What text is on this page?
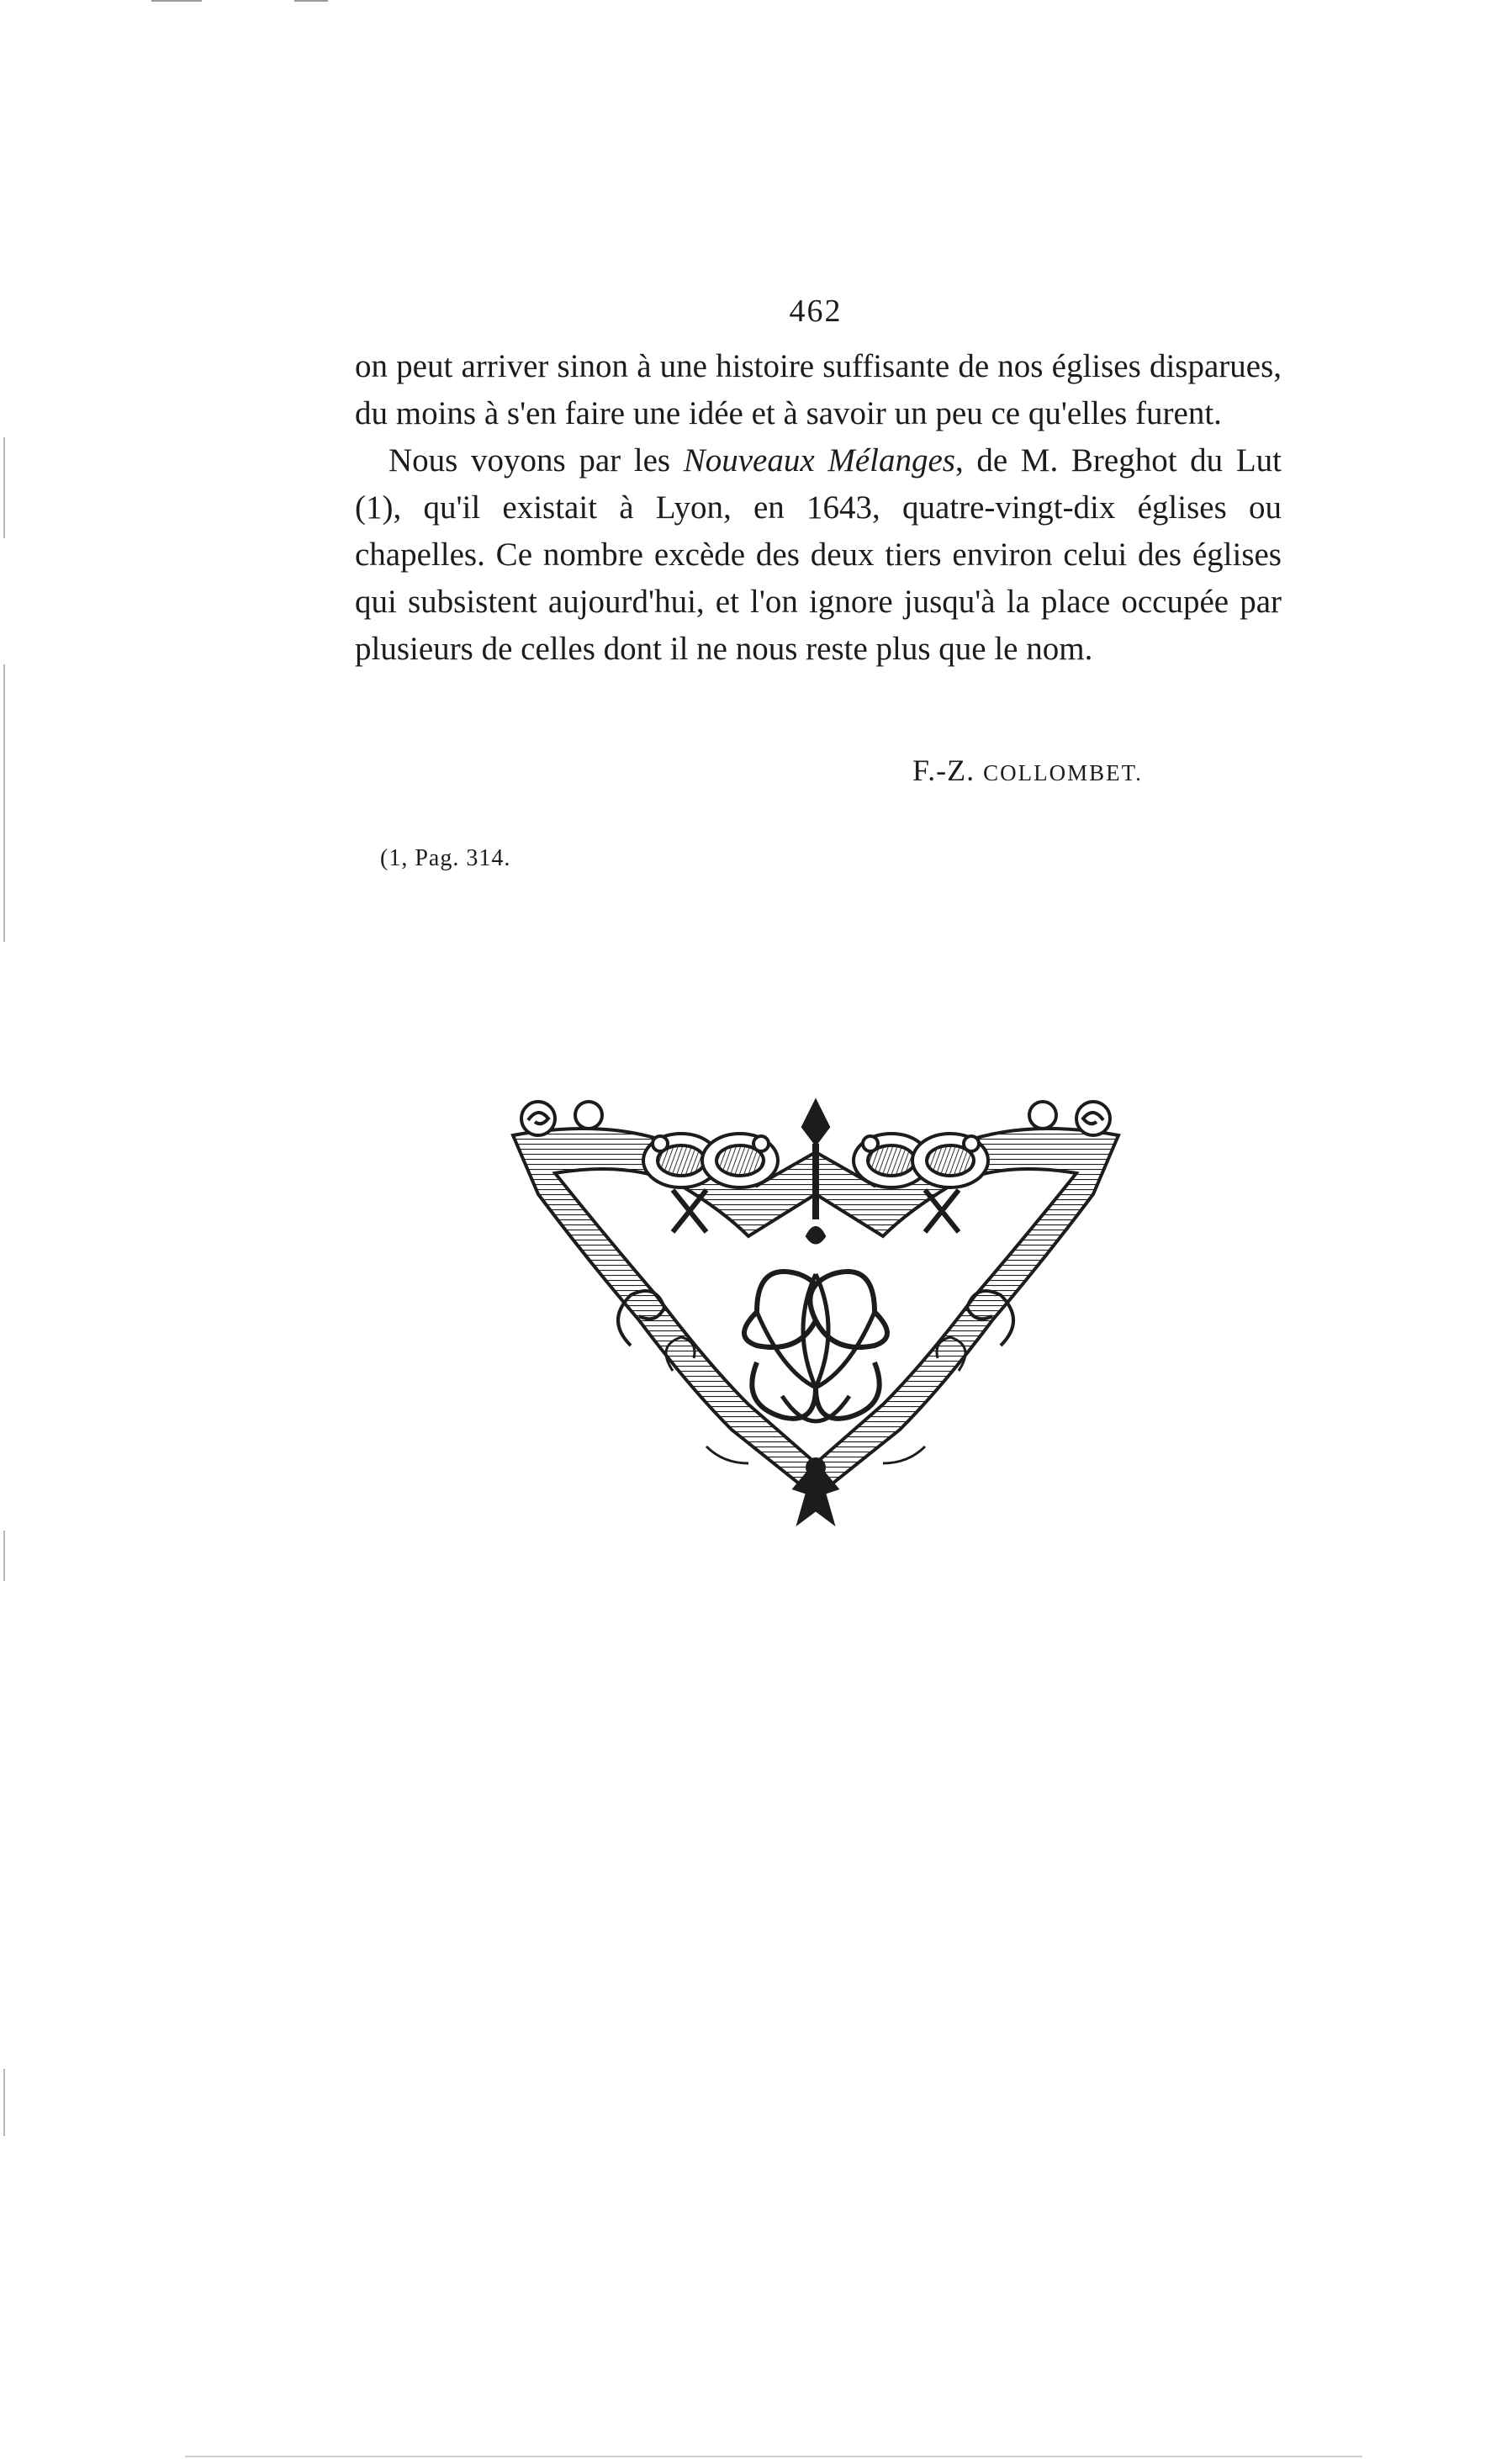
462

on peut arriver sinon à une histoire suffisante de nos églises disparues, du moins à s'en faire une idée et à savoir un peu ce qu'elles furent.

Nous voyons par les Nouveaux Mélanges, de M. Breghot du Lut (1), qu'il existait à Lyon, en 1643, quatre-vingt-dix églises ou chapelles. Ce nombre excède des deux tiers environ celui des églises qui subsistent aujourd'hui, et l'on ignore jusqu'à la place occupée par plusieurs de celles dont il ne nous reste plus que le nom.

F.-Z. COLLOMBET.
(1, Pag. 314.
